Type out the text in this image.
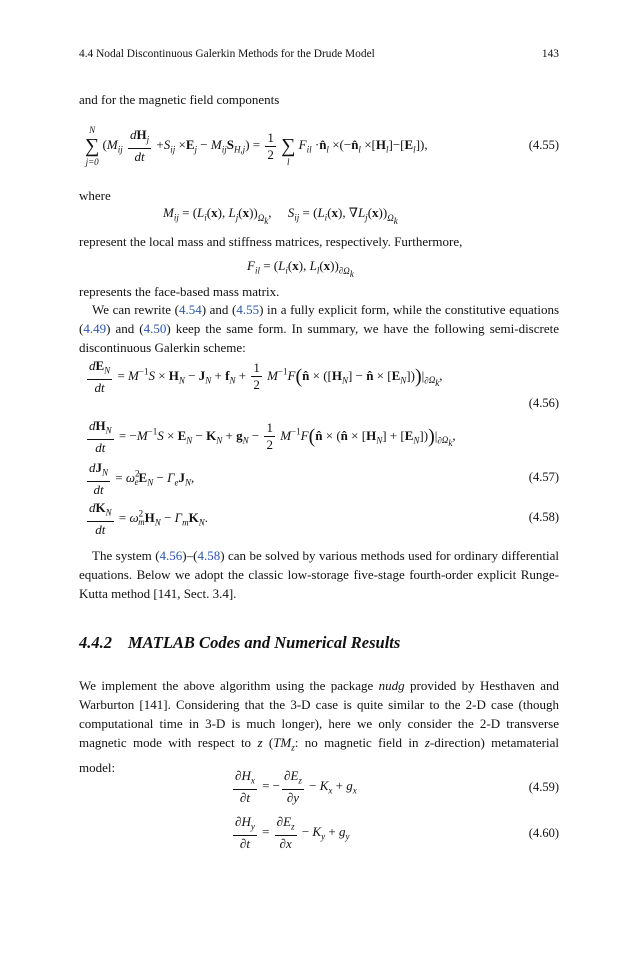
4.4 Nodal Discontinuous Galerkin Methods for the Drude Model	143
and for the magnetic field components
N
∑
j=0
$(M_{ij} \frac{dH_j}{dt} +S_{ij} \times E_j - M_{ij}S_{H,j}) = \frac{1}{2}$

∑
l
$F_{il}$ $\cdot n̂_l$ $\times(-n̂_l \times[H_l]-[E_l])$,	(4.55)
where
$M_{ij} = (L_i(x)$, $L_j(x))_{\Omega_k}$,     $S_{ij} = (L_i(x)$, $\nabla L_j(x))_{\Omega_k}$
represent the local mass and stiffness matrices, respectively. Furthermore,
$F_{il} = (L_i(x)$, $L_l(x))_{\partial\Omega_k}$
represents the face-based mass matrix.
We can rewrite (4.54) and (4.55) in a fully explicit form, while the constitutive equations (4.49) and (4.50) keep the same form. In summary, we have the following semi-discrete discontinuous Galerkin scheme:
$\frac{dE_N}{dt} = M^{-1}S \times H_N - J_N + f_N + \frac{1}{2}$ $M^{-1}F(n̂ \times ([H_N]$ − n̂ × $[E_N]))|_{\partial\Omega_k}$,
(4.56)
$\frac{dH_N}{dt} = -M^{-1}S \times E_N - K_N + g_N - \frac{1}{2}$ $M^{-1}F(n̂$ × (n̂ × $[H_N] + [E_N]))|_{\partial\Omega_k}$,
$\frac{dJ_N}{dt} = \omega^2_eE_N - \Gamma_eJ_N$,	(4.57)
$\frac{dK_N}{dt} = \omega^2_mH_N - \Gamma_mK_N$.	(4.58)
The system (4.56)–(4.58) can be solved by various methods used for ordinary differential equations. Below we adopt the classic low-storage five-stage fourth-order explicit Runge-Kutta method [141, Sect. 3.4].
4.4.2 MATLAB Codes and Numerical Results
We implement the above algorithm using the package nudg provided by Hesthaven and Warburton [141]. Considering that the 3-D case is quite similar to the 2-D case (though computational time in 3-D is much longer), here we only consider the 2-D transverse magnetic mode with respect to z ($TM_z$: no magnetic field in z-direction) metamaterial model:
$\frac{\partial H_x}{\partial t}$ = − $\frac{\partial E_z}{\partial y} - K_x + g_x$	(4.59)
$\frac{\partial H_y}{\partial t} = \frac{\partial E_z}{\partial x} - K_y + g_y$	(4.60)
